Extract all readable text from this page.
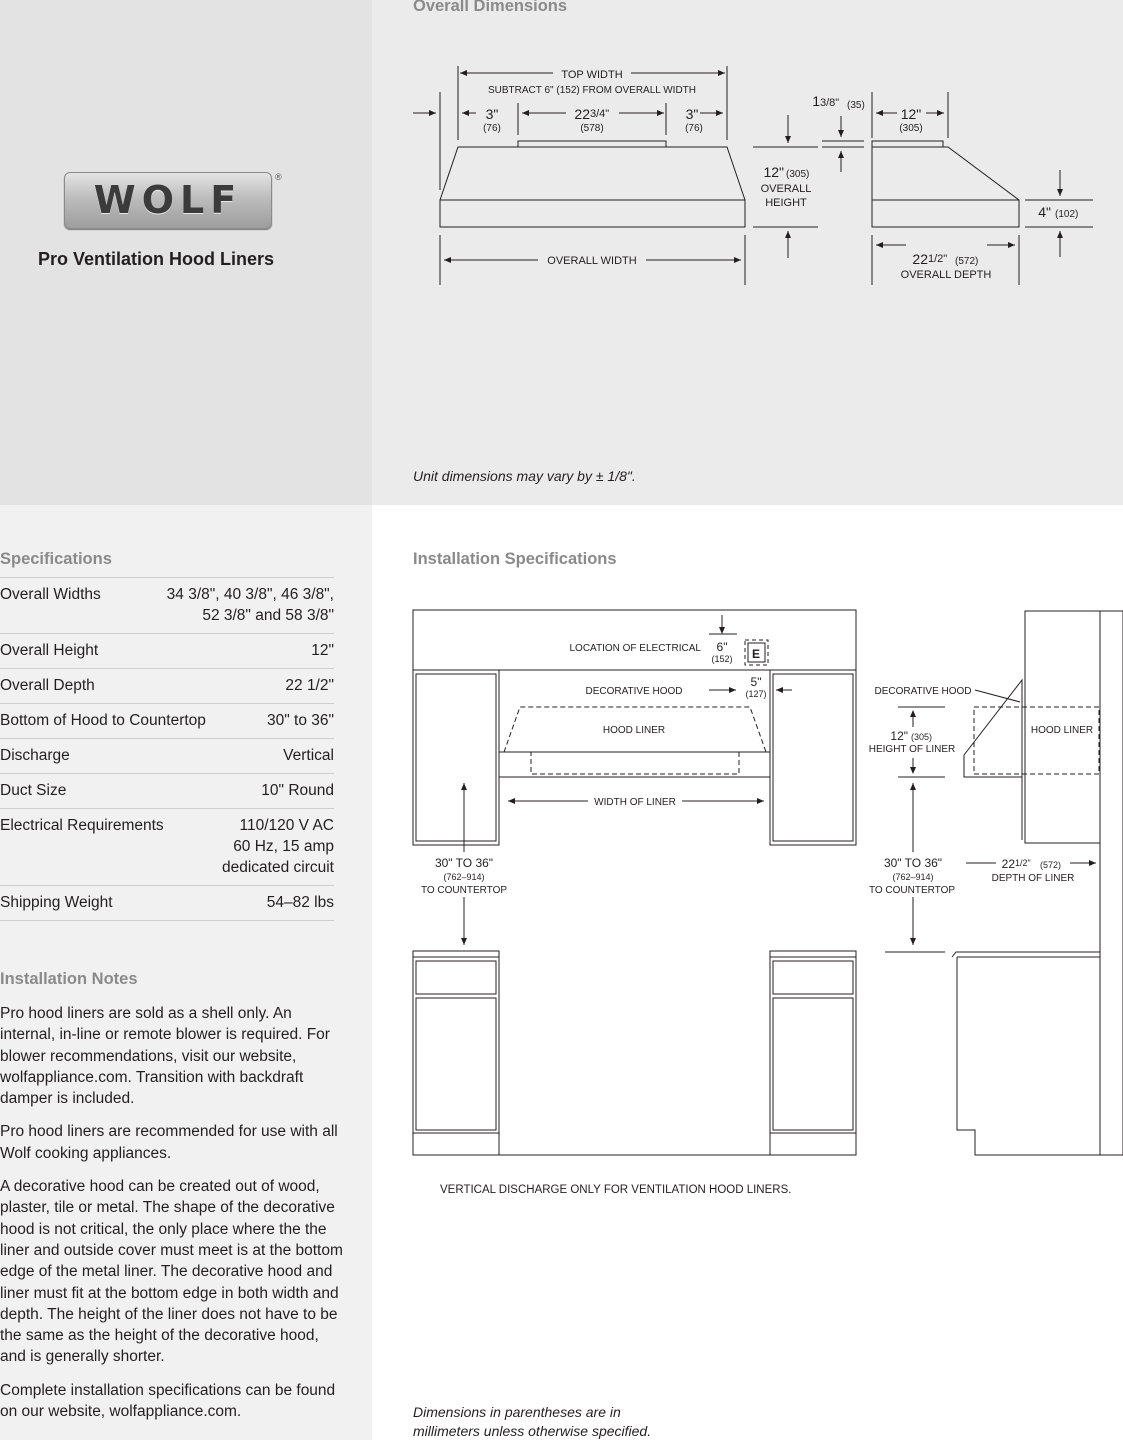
WOLF
®
Pro Ventilation Hood Liners
Overall Dimensions
TOP WIDTH
SUBTRACT 6" (152) FROM OVERALL WIDTH
3"
(76)
22 3/4"
(578)
3"
(76)
OVERALL WIDTH
12" (305)
OVERALL
HEIGHT
1 3/8" (35)
12"
(305)
4" (102)
22 1/2" (572)
OVERALL DEPTH
Unit dimensions may vary by ± 1/8".
Specifications
Overall Widths	34 3/8", 40 3/8", 46 3/8",
52 3/8" and 58 3/8"
Overall Height	12"
Overall Depth	22 1/2"
Bottom of Hood to Countertop	30" to 36"
Discharge	Vertical
Duct Size	10" Round
Electrical Requirements	110/120 V AC
60 Hz, 15 amp dedicated circuit
Shipping Weight	54–82 lbs
Installation Notes

Pro hood liners are sold as a shell only. An internal, in-line or remote blower is required. For blower recommendations, visit our website, wolfappliance.com. Transition with backdraft damper is included.

Pro hood liners are recommended for use with all Wolf cooking appliances.

A decorative hood can be created out of wood, plaster, tile or metal. The shape of the decorative hood is not critical, the only place where the the liner and outside cover must meet is at the bottom edge of the metal liner. The decorative hood and liner must fit at the bottom edge in both width and depth. The height of the liner does not have to be the same as the height of the decorative hood, and is generally shorter.

Complete installation specifications can be found on our website, wolfappliance.com.

Installation Specifications
LOCATION OF ELECTRICAL 6"
(152) E
5"
(127)
DECORATIVE HOOD
HOOD LINER
WIDTH OF LINER
30" TO 36"
(762–914)
TO COUNTERTOP
DECORATIVE HOOD
HOOD LINER
12" (305)
HEIGHT OF LINER
30" TO 36"
(762–914)
TO COUNTERTOP
22 1/2" (572)
DEPTH OF LINER
VERTICAL DISCHARGE ONLY FOR VENTILATION HOOD LINERS.
Dimensions in parentheses are in
millimeters unless otherwise specified.
